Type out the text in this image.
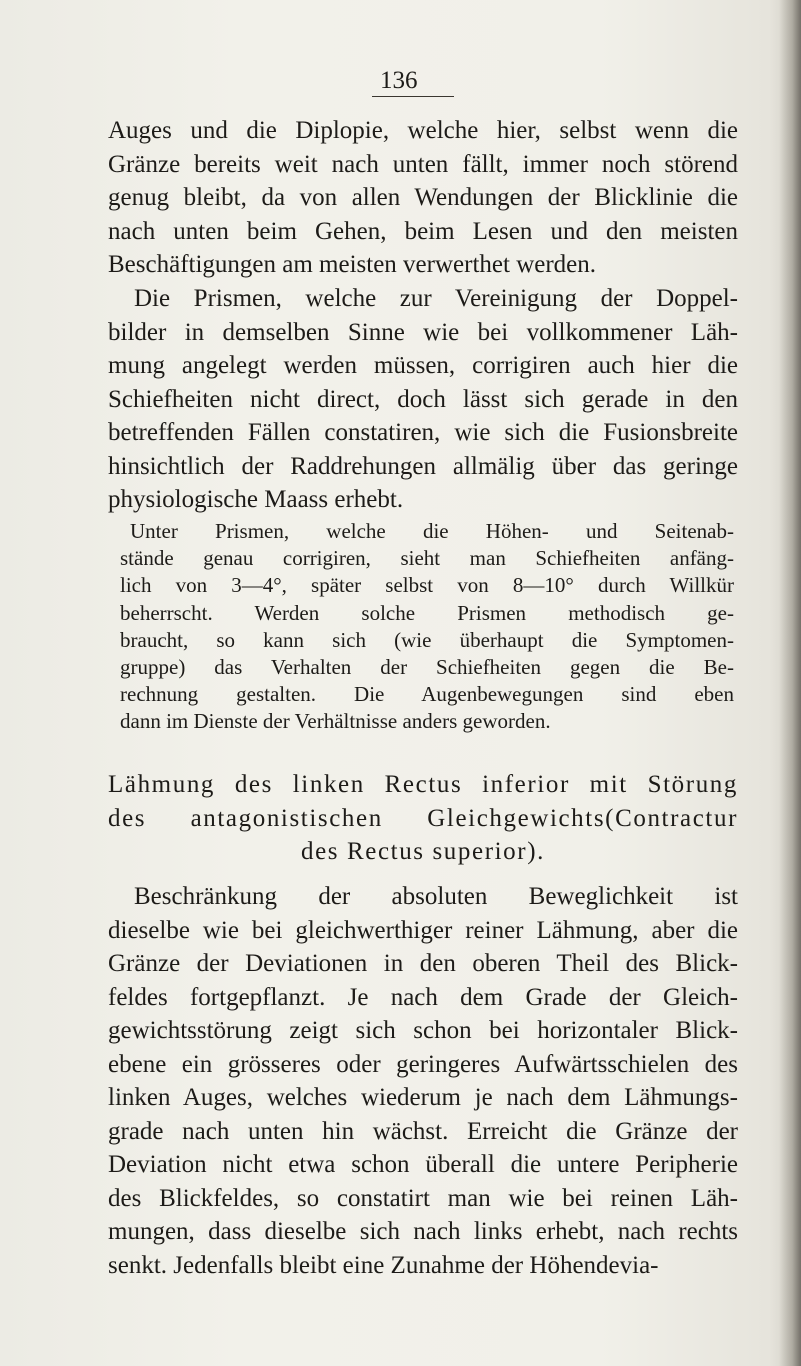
136
Auges und die Diplopie, welche hier, selbst wenn die
Gränze bereits weit nach unten fällt, immer noch störend
genug bleibt, da von allen Wendungen der Blicklinie die
nach unten beim Gehen, beim Lesen und den meisten
Beschäftigungen am meisten verwerthet werden.
Die Prismen, welche zur Vereinigung der Doppel-
bilder in demselben Sinne wie bei vollkommener Läh-
mung angelegt werden müssen, corrigiren auch hier die
Schiefheiten nicht direct, doch lässt sich gerade in den
betreffenden Fällen constatiren, wie sich die Fusionsbreite
hinsichtlich der Raddrehungen allmälig über das geringe
physiologische Maass erhebt.
Unter Prismen, welche die Höhen- und Seitenab-
stände genau corrigiren, sieht man Schiefheiten anfäng-
lich von 3—4°, später selbst von 8—10° durch Willkür
beherrscht. Werden solche Prismen methodisch ge-
braucht, so kann sich (wie überhaupt die Symptomen-
gruppe) das Verhalten der Schiefheiten gegen die Be-
rechnung gestalten. Die Augenbewegungen sind eben
dann im Dienste der Verhältnisse anders geworden.
Lähmung des linken Rectus inferior mit Störung
des antagonistischen Gleichgewichts(Contractur
des Rectus superior).
Beschränkung der absoluten Beweglichkeit ist
dieselbe wie bei gleichwerthiger reiner Lähmung, aber die
Gränze der Deviationen in den oberen Theil des Blick-
feldes fortgepflanzt. Je nach dem Grade der Gleich-
gewichtsstörung zeigt sich schon bei horizontaler Blick-
ebene ein grösseres oder geringeres Aufwärtsschielen des
linken Auges, welches wiederum je nach dem Lähmungs-
grade nach unten hin wächst. Erreicht die Gränze der
Deviation nicht etwa schon überall die untere Peripherie
des Blickfeldes, so constatirt man wie bei reinen Läh-
mungen, dass dieselbe sich nach links erhebt, nach rechts
senkt. Jedenfalls bleibt eine Zunahme der Höhendevia-
